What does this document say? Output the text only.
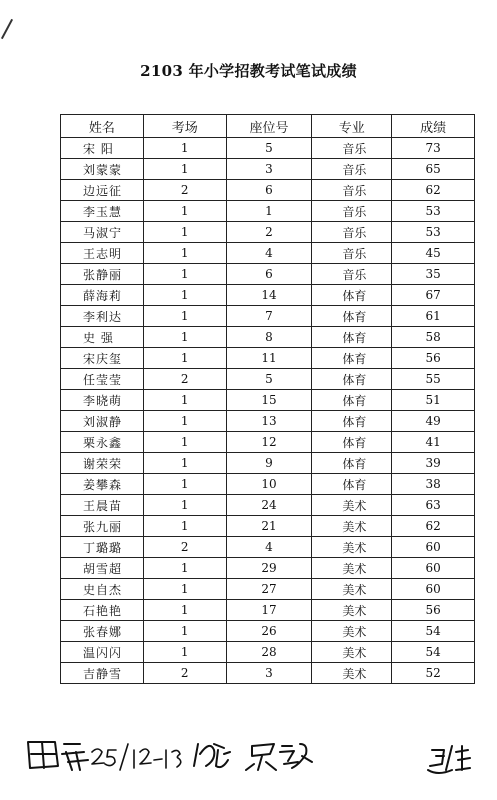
2103 年小学招教考试笔试成绩
姓名	考场	座位号	专业	成绩
宋 阳	1	5	音乐	73
刘蒙蒙	1	3	音乐	65
边远征	2	6	音乐	62
李玉慧	1	1	音乐	53
马淑宁	1	2	音乐	53
王志明	1	4	音乐	45
张静丽	1	6	音乐	35
薛海莉	1	14	体育	67
李利达	1	7	体育	61
史 强	1	8	体育	58
宋庆玺	1	11	体育	56
任莹莹	2	5	体育	55
李晓萌	1	15	体育	51
刘淑静	1	13	体育	49
栗永鑫	1	12	体育	41
谢荣荣	1	9	体育	39
姜攀森	1	10	体育	38
王晨苗	1	24	美术	63
张九丽	1	21	美术	62
丁璐璐	2	4	美术	60
胡雪超	1	29	美术	60
史自杰	1	27	美术	60
石艳艳	1	17	美术	56
张春娜	1	26	美术	54
温闪闪	1	28	美术	54
吉静雪	2	3	美术	52
